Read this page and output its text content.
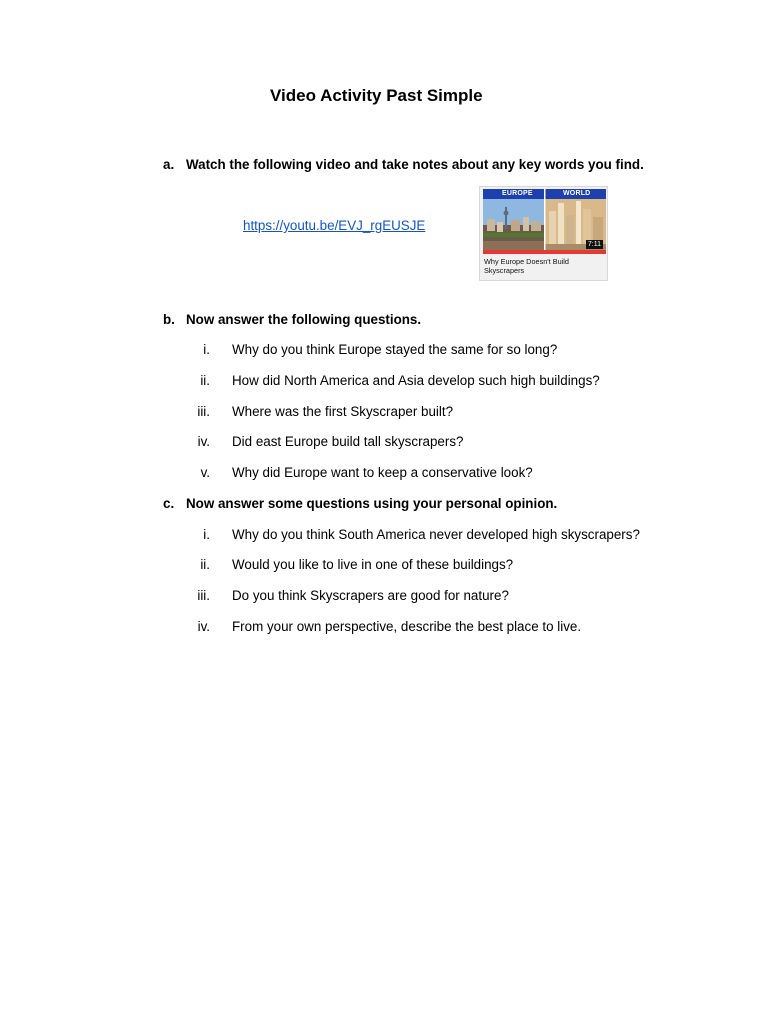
Video Activity Past Simple
a. Watch the following video and take notes about any key words you find.
https://youtu.be/EVJ_rgEUSJE
EUROPE	WORLD
7:11
Why Europe Doesn't Build Skyscrapers
b. Now answer the following questions.
i. Why do you think Europe stayed the same for so long?
ii. How did North America and Asia develop such high buildings?
iii. Where was the first Skyscraper built?
iv. Did east Europe build tall skyscrapers?
v. Why did Europe want to keep a conservative look?
c. Now answer some questions using your personal opinion.
i. Why do you think South America never developed high skyscrapers?
ii. Would you like to live in one of these buildings?
iii. Do you think Skyscrapers are good for nature?
iv. From your own perspective, describe the best place to live.
